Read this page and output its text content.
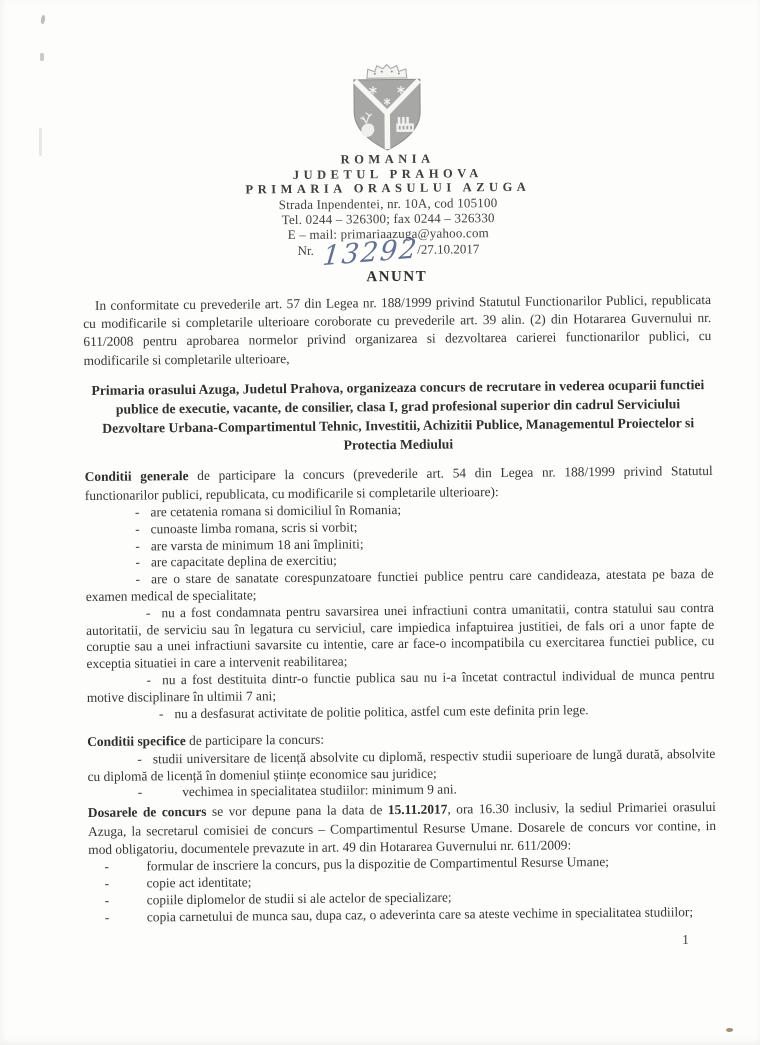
ROMANIA
JUDETUL PRAHOVA
PRIMARIA ORASULUI AZUGA
Strada Inpendentei, nr. 10A, cod 105100
Tel. 0244 – 326300; fax 0244 – 326330
E – mail: primariaazuga@yahoo.com
Nr. 13292 /27.10.2017
ANUNT

In conformitate cu prevederile art. 57 din Legea nr. 188/1999 privind Statutul Functionarilor Publici, republicata cu modificarile si completarile ulterioare coroborate cu prevederile art. 39 alin. (2) din Hotararea Guvernului nr. 611/2008 pentru aprobarea normelor privind organizarea si dezvoltarea carierei functionarilor publici, cu modificarile si completarile ulterioare,

Primaria orasului Azuga, Judetul Prahova, organizeaza concurs de recrutare in vederea ocuparii functiei publice de executie, vacante, de consilier, clasa I, grad profesional superior din cadrul Serviciului Dezvoltare Urbana-Compartimentul Tehnic, Investitii, Achizitii Publice, Managementul Proiectelor si Protectia Mediului

Conditii generale de participare la concurs (prevederile art. 54 din Legea nr. 188/1999 privind Statutul functionarilor publici, republicata, cu modificarile si completarile ulterioare):

- are cetatenia romana si domiciliul în Romania;

- cunoaste limba romana, scris si vorbit;

- are varsta de minimum 18 ani împliniti;

- are capacitate deplina de exercitiu;

- are o stare de sanatate corespunzatoare functiei publice pentru care candideaza, atestata pe baza de examen medical de specialitate;

- nu a fost condamnata pentru savarsirea unei infractiuni contra umanitatii, contra statului sau contra autoritatii, de serviciu sau în legatura cu serviciul, care impiedica infaptuirea justitiei, de fals ori a unor fapte de coruptie sau a unei infractiuni savarsite cu intentie, care ar face-o incompatibila cu exercitarea functiei publice, cu exceptia situatiei in care a intervenit reabilitarea;

- nu a fost destituita dintr-o functie publica sau nu i-a încetat contractul individual de munca pentru motive disciplinare în ultimii 7 ani;

- nu a desfasurat activitate de politie politica, astfel cum este definita prin lege.

Conditii specifice de participare la concurs:

- studii universitare de licență absolvite cu diplomă, respectiv studii superioare de lungă durată, absolvite cu diplomă de licență în domeniul științe economice sau juridice;

- vechimea in specialitatea studiilor: minimum 9 ani.

Dosarele de concurs se vor depune pana la data de 15.11.2017, ora 16.30 inclusiv, la sediul Primariei orasului Azuga, la secretarul comisiei de concurs – Compartimentul Resurse Umane. Dosarele de concurs vor contine, in mod obligatoriu, documentele prevazute in art. 49 din Hotararea Guvernului nr. 611/2009:

- formular de inscriere la concurs, pus la dispozitie de Compartimentul Resurse Umane;

- copie act identitate;

- copiile diplomelor de studii si ale actelor de specializare;

- copia carnetului de munca sau, dupa caz, o adeverinta care sa ateste vechime in specialitatea studiilor;

1
